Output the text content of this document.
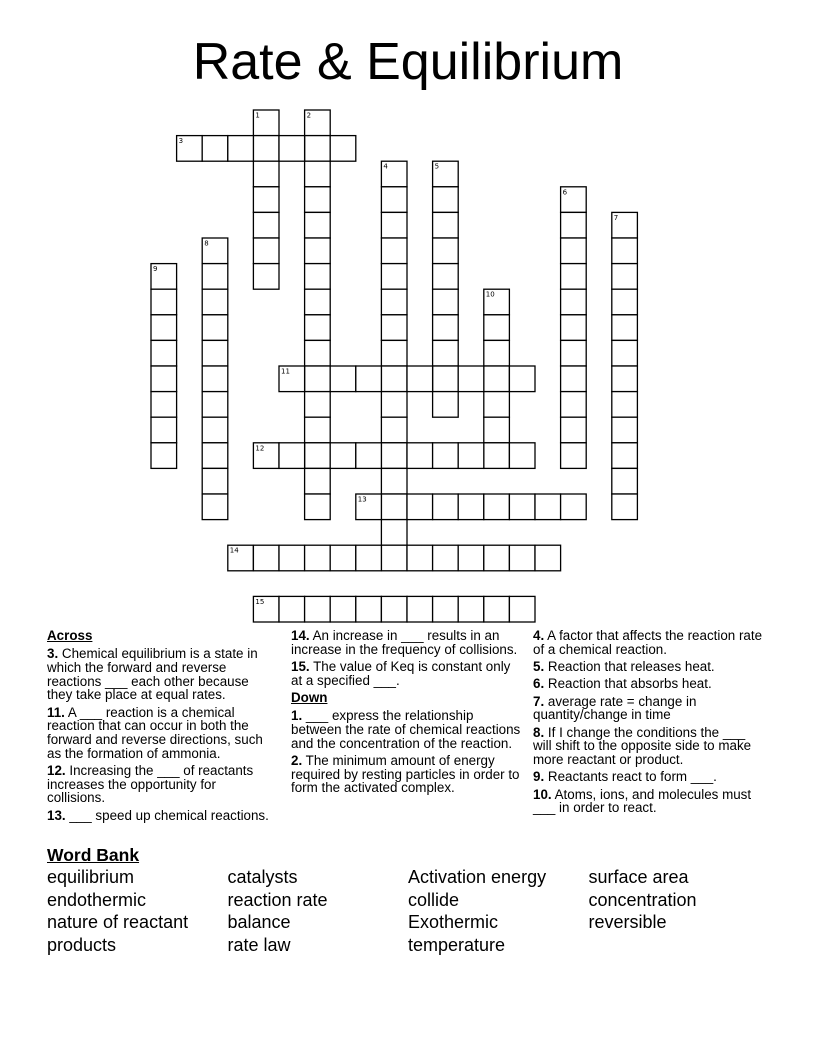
Rate & Equilibrium
1	2
3
4	5
6
7
8
9
10
11
12
13
14
15
Across
3. Chemical equilibrium is a state in which the forward and reverse reactions ___ each other because they take place at equal rates.
11. A ___ reaction is a chemical reaction that can occur in both the forward and reverse directions, such as the formation of ammonia.
12. Increasing the ___ of reactants increases the opportunity for collisions.
13. ___ speed up chemical reactions.
14. An increase in ___ results in an increase in the frequency of collisions.
15. The value of Keq is constant only at a specified ___.
Down
1. ___ express the relationship between the rate of chemical reactions and the concentration of the reaction.
2. The minimum amount of energy required by resting particles in order to form the activated complex.
4. A factor that affects the reaction rate of a chemical reaction.
5. Reaction that releases heat.
6. Reaction that absorbs heat.
7. average rate = change in quantity/change in time
8. If I change the conditions the ___ will shift to the opposite side to make more reactant or product.
9. Reactants react to form ___.
10. Atoms, ions, and molecules must ___ in order to react.
Word Bank
equilibrium	catalysts	Activation energy	surface area
endothermic	reaction rate	collide	concentration
nature of reactant	balance	Exothermic	reversible
products	rate law	temperature
